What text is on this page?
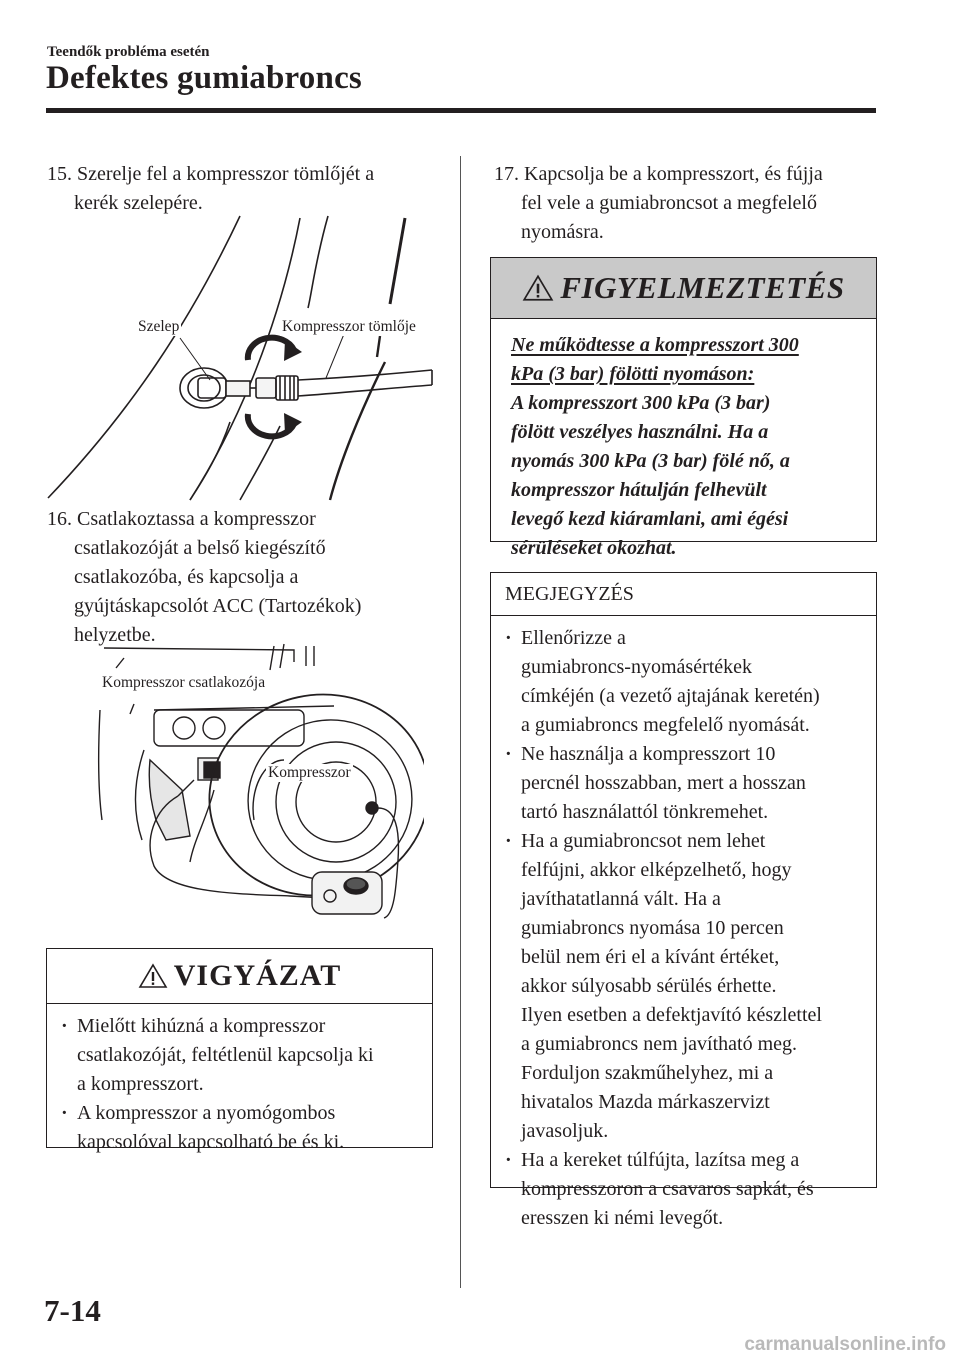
Teendők probléma esetén
Defektes gumiabroncs
15. Szerelje fel a kompresszor tömlőjét a
kerék szelepére.
Szelep	Kompresszor tömlője
16. Csatlakoztassa a kompresszor
csatlakozóját a belső kiegészítő
csatlakozóba, és kapcsolja a
gyújtáskapcsolót ACC (Tartozékok)
helyzetbe.
Kompresszor csatlakozója
Kompresszor
VIGYÁZAT
· Mielőtt kihúzná a kompresszor
csatlakozóját, feltétlenül kapcsolja ki
a kompresszort.
· A kompresszor a nyomógombos
kapcsolóval kapcsolható be és ki.
17. Kapcsolja be a kompresszort, és fújja
fel vele a gumiabroncsot a megfelelő
nyomásra.
FIGYELMEZTETÉS
Ne működtesse a kompresszort 300
kPa (3 bar) fölötti nyomáson:
A kompresszort 300 kPa (3 bar)
fölött veszélyes használni. Ha a
nyomás 300 kPa (3 bar) fölé nő, a
kompresszor hátulján felhevült
levegő kezd kiáramlani, ami égési
sérüléseket okozhat.
MEGJEGYZÉS
· Ellenőrizze a
gumiabroncs-nyomásértékek
címkéjén (a vezető ajtajának keretén)
a gumiabroncs megfelelő nyomását.
· Ne használja a kompresszort 10
percnél hosszabban, mert a hosszan
tartó használattól tönkremehet.
· Ha a gumiabroncsot nem lehet
felfújni, akkor elképzelhető, hogy
javíthatatlanná vált. Ha a
gumiabroncs nyomása 10 percen
belül nem éri el a kívánt értéket,
akkor súlyosabb sérülés érhette.
Ilyen esetben a defektjavító készlettel
a gumiabroncs nem javítható meg.
Forduljon szakműhelyhez, mi a
hivatalos Mazda márkaszervizt
javasoljuk.
· Ha a kereket túlfújta, lazítsa meg a
kompresszoron a csavaros sapkát, és
eresszen ki némi levegőt.
7-14
carmanualsonline.info
